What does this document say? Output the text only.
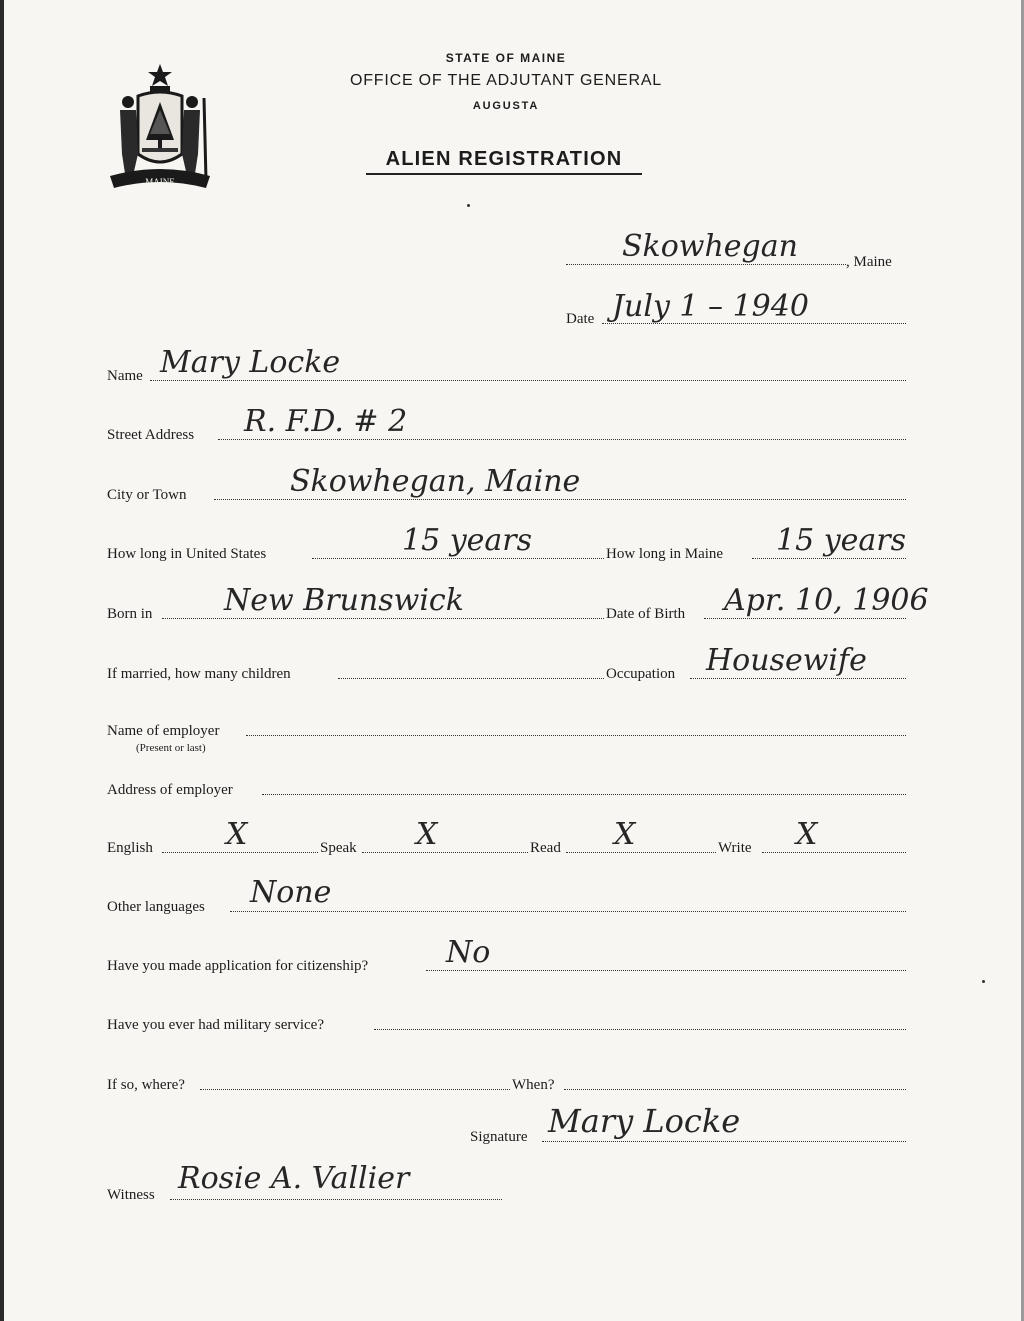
MAINE
STATE OF MAINE
OFFICE OF THE ADJUTANT GENERAL
AUGUSTA
ALIEN REGISTRATION
Skowhegan	, Maine
Date July 1 – 1940
Name Mary Locke
Street Address R. F.D. # 2
City or Town	Skowhegan, Maine
How long in United States	15 years	How long in Maine 15 years
Born in New Brunswick	Date of Birth Apr. 10, 1906
If married, how many children	Occupation Housewife
Name of employer
(Present or last)
Address of employer
English X	Speak X	Read X	Write X
Other languages None
Have you made application for citizenship?	No
Have you ever had military service?
If so, where?	When?
Signature Mary Locke
Witness Rosie A. Vallier
